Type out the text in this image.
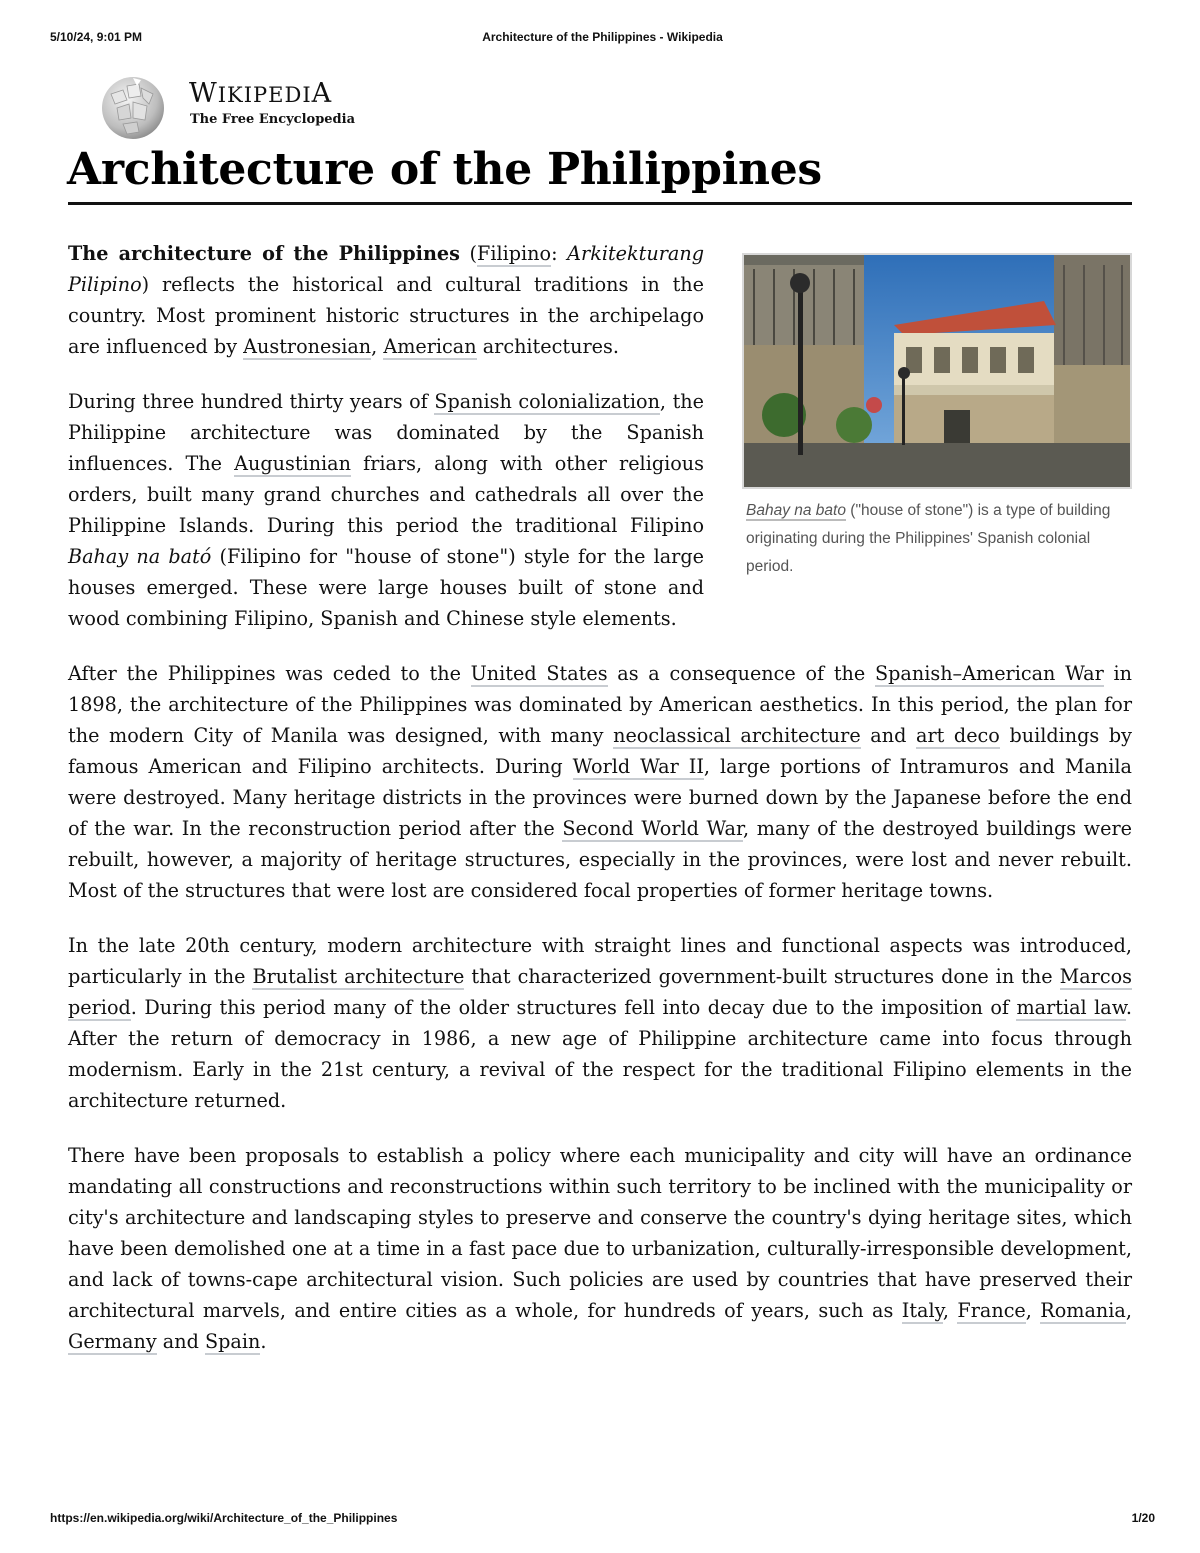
5/10/24, 9:01 PM	Architecture of the Philippines - Wikipedia
WIKIPEDIA
The Free Encyclopedia
Architecture of the Philippines
Bahay na bato ("house of stone") is a type of building originating during the Philippines' Spanish colonial period.

The architecture of the Philippines (Filipino: Arkitekturang Pilipino) reflects the historical and cultural traditions in the country. Most prominent historic structures in the archipelago are influenced by Austronesian, American architectures.

During three hundred thirty years of Spanish colonialization, the Philippine architecture was dominated by the Spanish influences. The Augustinian friars, along with other religious orders, built many grand churches and cathedrals all over the Philippine Islands. During this period the traditional Filipino Bahay na bató (Filipino for "house of stone") style for the large houses emerged. These were large houses built of stone and wood combining Filipino, Spanish and Chinese style elements.

After the Philippines was ceded to the United States as a consequence of the Spanish–American War in 1898, the architecture of the Philippines was dominated by American aesthetics. In this period, the plan for the modern City of Manila was designed, with many neoclassical architecture and art deco buildings by famous American and Filipino architects. During World War II, large portions of Intramuros and Manila were destroyed. Many heritage districts in the provinces were burned down by the Japanese before the end of the war. In the reconstruction period after the Second World War, many of the destroyed buildings were rebuilt, however, a majority of heritage structures, especially in the provinces, were lost and never rebuilt. Most of the structures that were lost are considered focal properties of former heritage towns.

In the late 20th century, modern architecture with straight lines and functional aspects was introduced, particularly in the Brutalist architecture that characterized government-built structures done in the Marcos period. During this period many of the older structures fell into decay due to the imposition of martial law. After the return of democracy in 1986, a new age of Philippine architecture came into focus through modernism. Early in the 21st century, a revival of the respect for the traditional Filipino elements in the architecture returned.

There have been proposals to establish a policy where each municipality and city will have an ordinance mandating all constructions and reconstructions within such territory to be inclined with the municipality or city's architecture and landscaping styles to preserve and conserve the country's dying heritage sites, which have been demolished one at a time in a fast pace due to urbanization, culturally-irresponsible development, and lack of towns-cape architectural vision. Such policies are used by countries that have preserved their architectural marvels, and entire cities as a whole, for hundreds of years, such as Italy, France, Romania, Germany and Spain.

https://en.wikipedia.org/wiki/Architecture_of_the_Philippines	1/20
